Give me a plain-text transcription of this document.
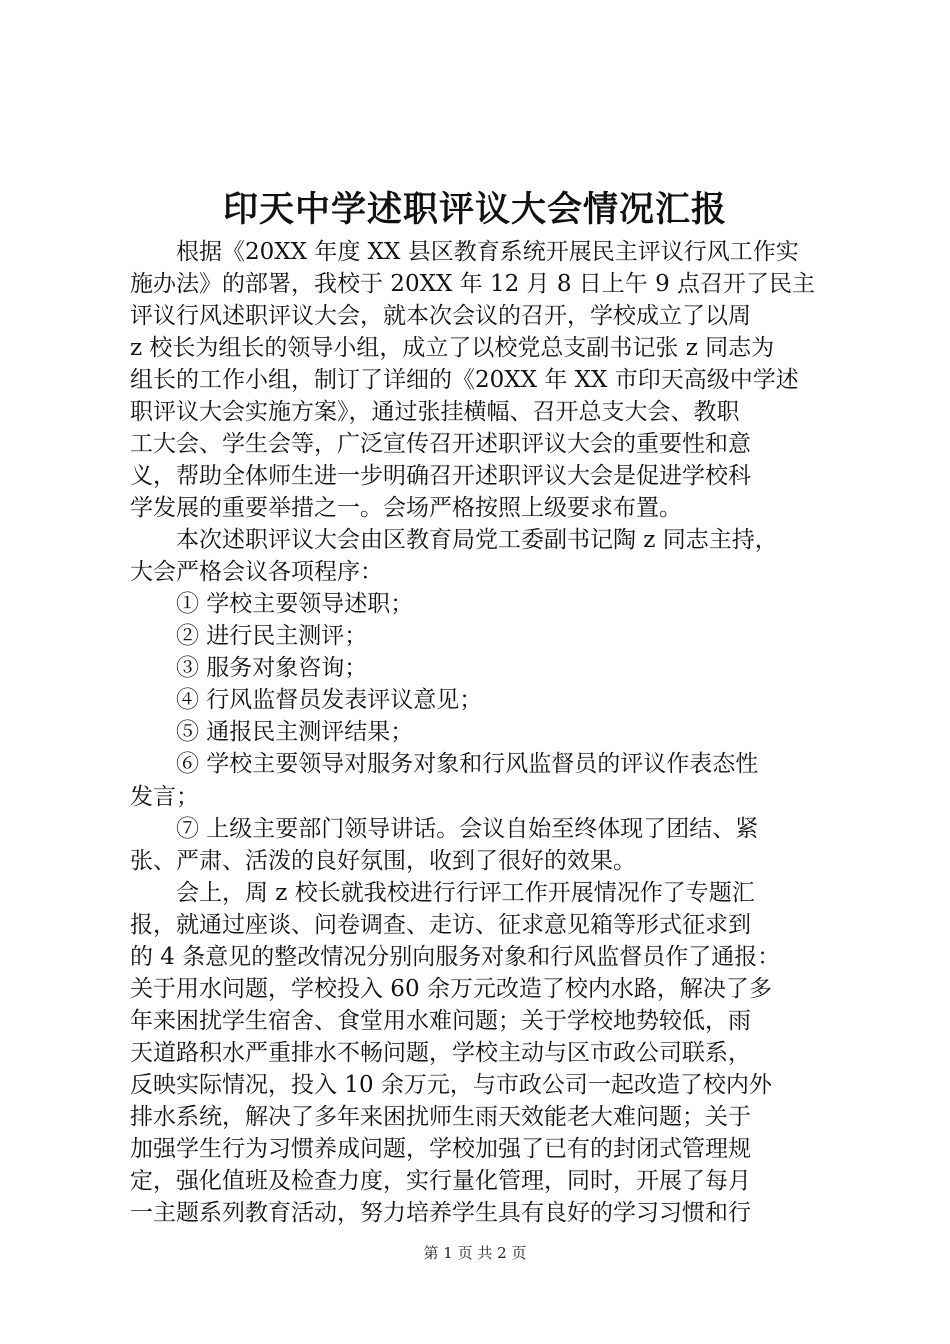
印天中学述职评议大会情况汇报

　　根据《20XX 年度 XX 县区教育系统开展民主评议行风工作实

施办法》的部署，我校于 20XX 年 12 月 8 日上午 9 点召开了民主

评议行风述职评议大会，就本次会议的召开，学校成立了以周

z 校长为组长的领导小组，成立了以校党总支副书记张 z 同志为

组长的工作小组，制订了详细的《20XX 年 XX 市印天高级中学述

职评议大会实施方案》，通过张挂横幅、召开总支大会、教职

工大会、学生会等，广泛宣传召开述职评议大会的重要性和意

义，帮助全体师生进一步明确召开述职评议大会是促进学校科

学发展的重要举措之一。会场严格按照上级要求布置。

　　本次述职评议大会由区教育局党工委副书记陶 z 同志主持，

大会严格会议各项程序：

　　① 学校主要领导述职；

　　② 进行民主测评；

　　③ 服务对象咨询；

　　④ 行风监督员发表评议意见；

　　⑤ 通报民主测评结果；

　　⑥ 学校主要领导对服务对象和行风监督员的评议作表态性

发言；

　　⑦ 上级主要部门领导讲话。会议自始至终体现了团结、紧

张、严肃、活泼的良好氛围，收到了很好的效果。

　　会上，周 z 校长就我校进行行评工作开展情况作了专题汇

报，就通过座谈、问卷调查、走访、征求意见箱等形式征求到

的 4 条意见的整改情况分别向服务对象和行风监督员作了通报：

关于用水问题，学校投入 60 余万元改造了校内水路，解决了多

年来困扰学生宿舍、食堂用水难问题；关于学校地势较低，雨

天道路积水严重排水不畅问题，学校主动与区市政公司联系，

反映实际情况，投入 10 余万元，与市政公司一起改造了校内外

排水系统，解决了多年来困扰师生雨天效能老大难问题；关于

加强学生行为习惯养成问题，学校加强了已有的封闭式管理规

定，强化值班及检查力度，实行量化管理，同时，开展了每月

一主题系列教育活动，努力培养学生具有良好的学习习惯和行

第 1 页 共 2 页
